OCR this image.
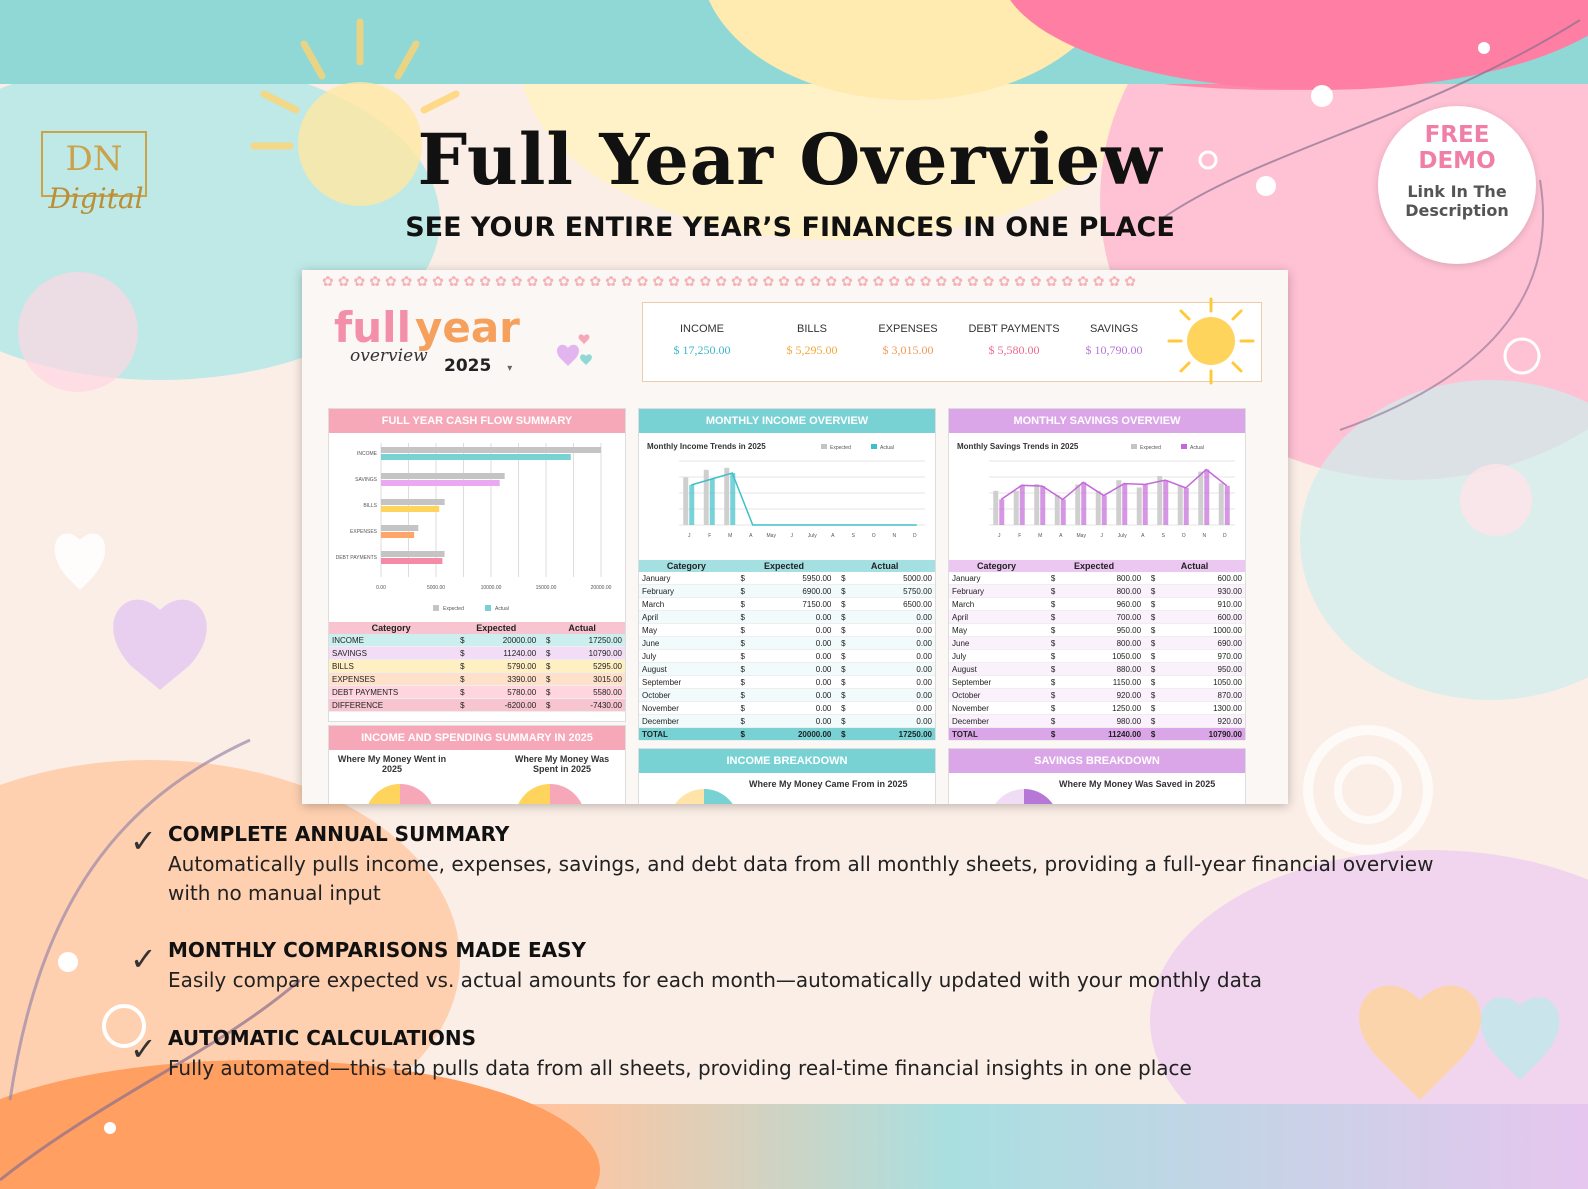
DN
Digital	Full Year Overview

SEE YOUR ENTIRE YEAR’S FINANCES IN ONE PLACE

FREE
DEMO
Link In The
Description
✿✿✿✿✿✿✿✿✿✿✿✿✿✿✿✿✿✿✿✿✿✿✿✿✿✿✿✿✿✿✿✿✿✿✿✿✿✿✿✿✿✿✿✿✿✿✿✿✿✿✿✿
fullyear
overview 2025 ▾
INCOME
$ 17,250.00
BILLS
$ 5,295.00
EXPENSES
$ 3,015.00
DEBT PAYMENTS
$ 5,580.00
SAVINGS
$ 10,790.00
FULL YEAR CASH FLOW SUMMARY
INCOME
SAVINGS
BILLS
EXPENSES
DEBT PAYMENTS
0.00	5000.00	10000.00	15000.00	20000.00
Expected	Actual
Category	Expected		Actual	
INCOME	$	20000.00	$	17250.00
SAVINGS	$	11240.00	$	10790.00
BILLS	$	5790.00	$	5295.00
EXPENSES	$	3390.00	$	3015.00
DEBT PAYMENTS	$	5780.00	$	5580.00
DIFFERENCE	$	-6200.00	$	-7430.00
MONTHLY INCOME OVERVIEW
Monthly Income Trends in 2025	Expected	Actual
J	F	M	A	May	J	July	A	S	O	N	D
Category	Expected		Actual	
January	$	5950.00	$	5000.00
February	$	6900.00	$	5750.00
March	$	7150.00	$	6500.00
April	$	0.00	$	0.00
May	$	0.00	$	0.00
June	$	0.00	$	0.00
July	$	0.00	$	0.00
August	$	0.00	$	0.00
September	$	0.00	$	0.00
October	$	0.00	$	0.00
November	$	0.00	$	0.00
December	$	0.00	$	0.00
TOTAL	$	20000.00	$	17250.00
MONTHLY SAVINGS OVERVIEW
Monthly Savings Trends in 2025	Expected	Actual
J	F	M	A	May	J	July	A	S	O	N	D
Category	Expected		Actual	
January	$	800.00	$	600.00
February	$	800.00	$	930.00
March	$	960.00	$	910.00
April	$	700.00	$	600.00
May	$	950.00	$	1000.00
June	$	800.00	$	690.00
July	$	1050.00	$	970.00
August	$	880.00	$	950.00
September	$	1150.00	$	1050.00
October	$	920.00	$	870.00
November	$	1250.00	$	1300.00
December	$	980.00	$	920.00
TOTAL	$	11240.00	$	10790.00
INCOME AND SPENDING SUMMARY IN 2025
Where My Money Went in 2025
Where My Money Was Spent in 2025
INCOME BREAKDOWN
Where My Money Came From in 2025
SAVINGS BREAKDOWN
Where My Money Was Saved in 2025
✓ COMPLETE ANNUAL SUMMARY

Automatically pulls income, expenses, savings, and debt data from all monthly sheets, providing a full-year financial overview with no manual input

✓ MONTHLY COMPARISONS MADE EASY

Easily compare expected vs. actual amounts for each month—automatically updated with your monthly data

✓ AUTOMATIC CALCULATIONS

Fully automated—this tab pulls data from all sheets, providing real-time financial insights in one place
